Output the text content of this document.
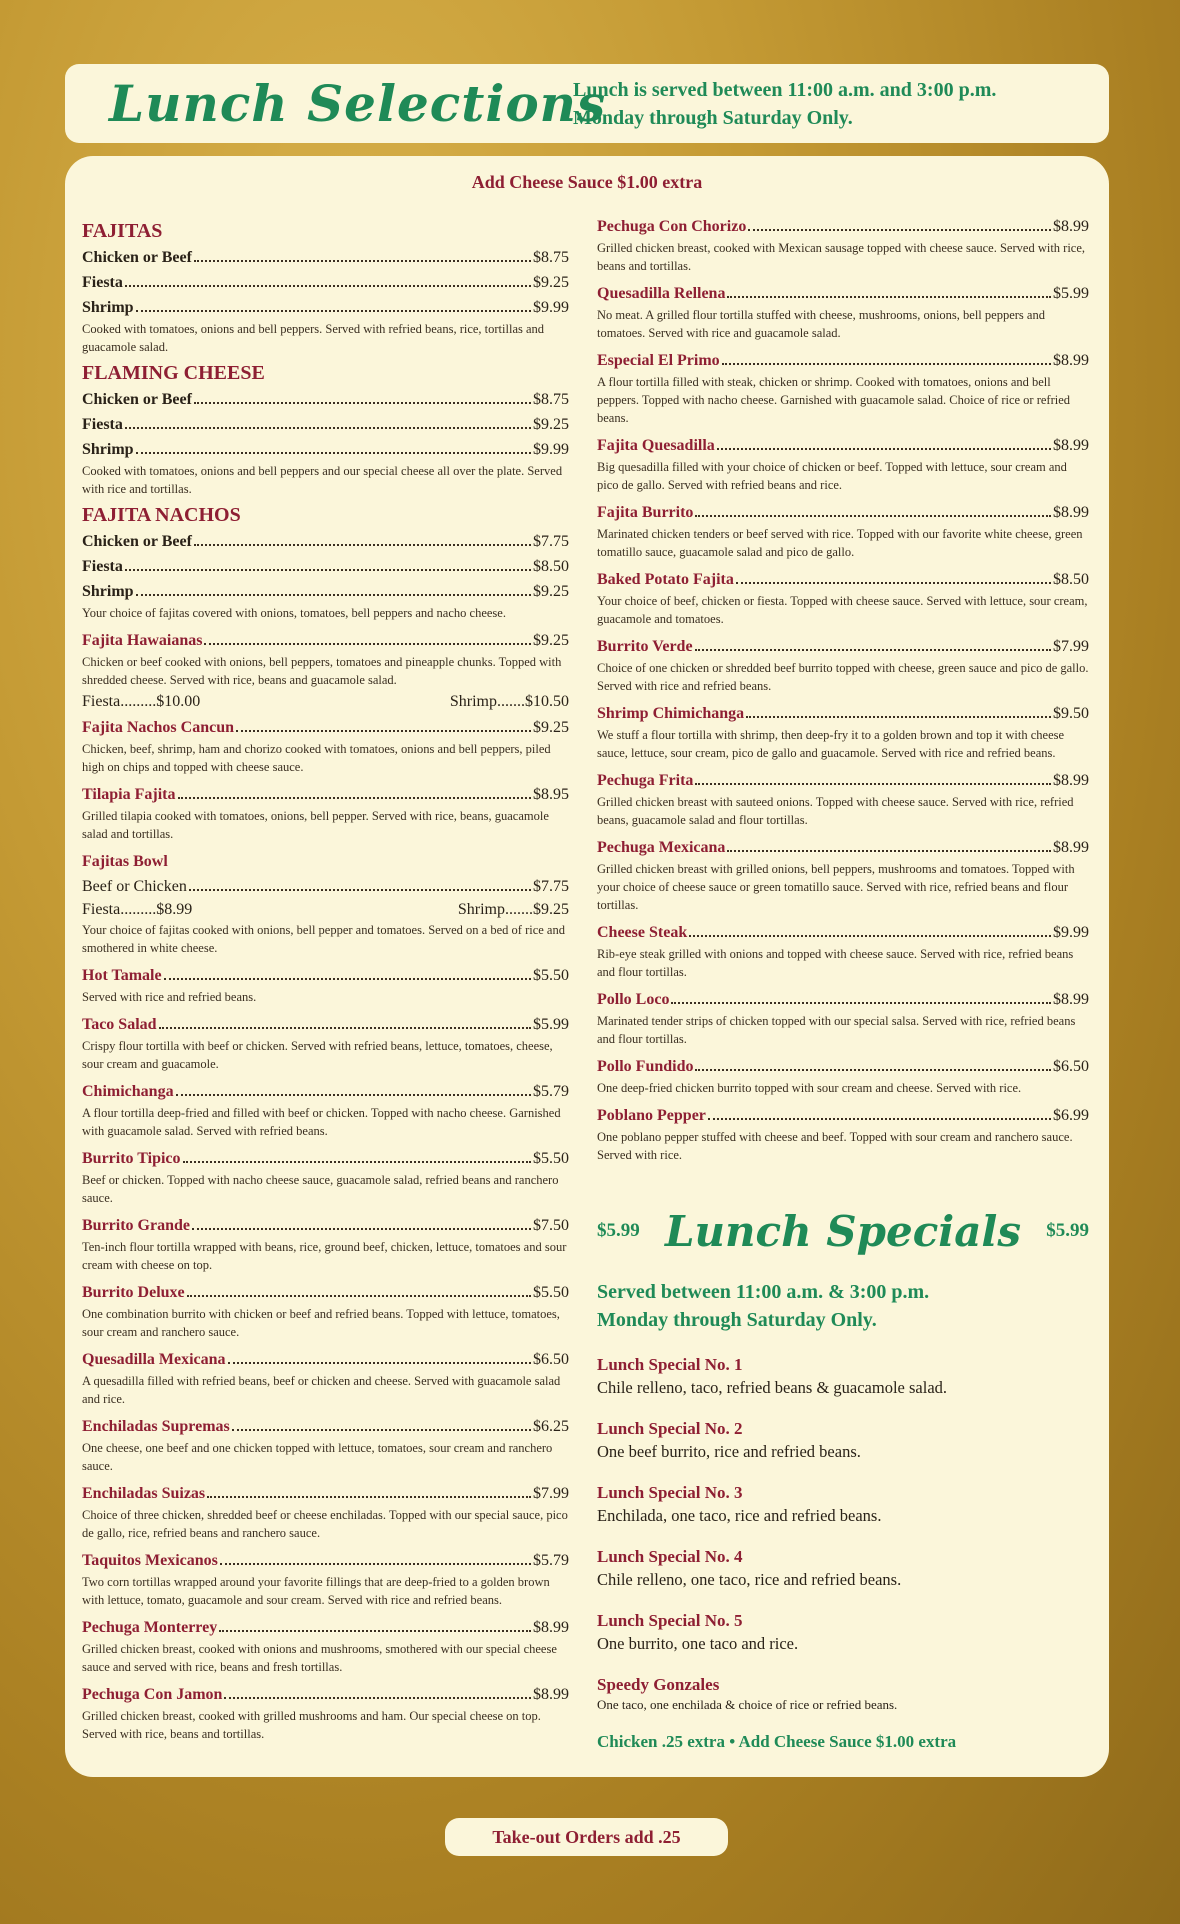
Lunch Selections
Lunch is served between 11:00 a.m. and 3:00 p.m.
Monday through Saturday Only.
Add Cheese Sauce $1.00 extra
FAJITAS
Chicken or Beef	$8.75
Fiesta	$9.25
Shrimp	$9.99
Cooked with tomatoes, onions and bell peppers. Served with refried beans, rice, tortillas and guacamole salad.
FLAMING CHEESE
Chicken or Beef	$8.75
Fiesta	$9.25
Shrimp	$9.99
Cooked with tomatoes, onions and bell peppers and our special cheese all over the plate. Served with rice and tortillas.
FAJITA NACHOS
Chicken or Beef	$7.75
Fiesta	$8.50
Shrimp	$9.25
Your choice of fajitas covered with onions, tomatoes, bell peppers and nacho cheese.
Fajita Hawaianas	$9.25
Chicken or beef cooked with onions, bell peppers, tomatoes and pineapple chunks. Topped with shredded cheese. Served with rice, beans and guacamole salad.
Fiesta.........$10.00	Shrimp.......$10.50
Fajita Nachos Cancun	$9.25
Chicken, beef, shrimp, ham and chorizo cooked with tomatoes, onions and bell peppers, piled high on chips and topped with cheese sauce.
Tilapia Fajita	$8.95
Grilled tilapia cooked with tomatoes, onions, bell pepper. Served with rice, beans, guacamole salad and tortillas.
Fajitas Bowl
Beef or Chicken	$7.75
Fiesta.........$8.99	Shrimp.......$9.25
Your choice of fajitas cooked with onions, bell pepper and tomatoes. Served on a bed of rice and smothered in white cheese.
Hot Tamale	$5.50
Served with rice and refried beans.
Taco Salad	$5.99
Crispy flour tortilla with beef or chicken. Served with refried beans, lettuce, tomatoes, cheese, sour cream and guacamole.
Chimichanga	$5.79
A flour tortilla deep-fried and filled with beef or chicken. Topped with nacho cheese. Garnished with guacamole salad. Served with refried beans.
Burrito Tipico	$5.50
Beef or chicken. Topped with nacho cheese sauce, guacamole salad, refried beans and ranchero sauce.
Burrito Grande	$7.50
Ten-inch flour tortilla wrapped with beans, rice, ground beef, chicken, lettuce, tomatoes and sour cream with cheese on top.
Burrito Deluxe	$5.50
One combination burrito with chicken or beef and refried beans. Topped with lettuce, tomatoes, sour cream and ranchero sauce.
Quesadilla Mexicana	$6.50
A quesadilla filled with refried beans, beef or chicken and cheese. Served with guacamole salad and rice.
Enchiladas Supremas	$6.25
One cheese, one beef and one chicken topped with lettuce, tomatoes, sour cream and ranchero sauce.
Enchiladas Suizas	$7.99
Choice of three chicken, shredded beef or cheese enchiladas. Topped with our special sauce, pico de gallo, rice, refried beans and ranchero sauce.
Taquitos Mexicanos	$5.79
Two corn tortillas wrapped around your favorite fillings that are deep-fried to a golden brown with lettuce, tomato, guacamole and sour cream. Served with rice and refried beans.
Pechuga Monterrey	$8.99
Grilled chicken breast, cooked with onions and mushrooms, smothered with our special cheese sauce and served with rice, beans and fresh tortillas.
Pechuga Con Jamon	$8.99
Grilled chicken breast, cooked with grilled mushrooms and ham. Our special cheese on top. Served with rice, beans and tortillas.
Pechuga Con Chorizo	$8.99
Grilled chicken breast, cooked with Mexican sausage topped with cheese sauce. Served with rice, beans and tortillas.
Quesadilla Rellena	$5.99
No meat. A grilled flour tortilla stuffed with cheese, mushrooms, onions, bell peppers and tomatoes. Served with rice and guacamole salad.
Especial El Primo	$8.99
A flour tortilla filled with steak, chicken or shrimp. Cooked with tomatoes, onions and bell peppers. Topped with nacho cheese. Garnished with guacamole salad. Choice of rice or refried beans.
Fajita Quesadilla	$8.99
Big quesadilla filled with your choice of chicken or beef. Topped with lettuce, sour cream and pico de gallo. Served with refried beans and rice.
Fajita Burrito	$8.99
Marinated chicken tenders or beef served with rice. Topped with our favorite white cheese, green tomatillo sauce, guacamole salad and pico de gallo.
Baked Potato Fajita	$8.50
Your choice of beef, chicken or fiesta. Topped with cheese sauce. Served with lettuce, sour cream, guacamole and tomatoes.
Burrito Verde	$7.99
Choice of one chicken or shredded beef burrito topped with cheese, green sauce and pico de gallo. Served with rice and refried beans.
Shrimp Chimichanga	$9.50
We stuff a flour tortilla with shrimp, then deep-fry it to a golden brown and top it with cheese sauce, lettuce, sour cream, pico de gallo and guacamole. Served with rice and refried beans.
Pechuga Frita	$8.99
Grilled chicken breast with sauteed onions. Topped with cheese sauce. Served with rice, refried beans, guacamole salad and flour tortillas.
Pechuga Mexicana	$8.99
Grilled chicken breast with grilled onions, bell peppers, mushrooms and tomatoes. Topped with your choice of cheese sauce or green tomatillo sauce. Served with rice, refried beans and flour tortillas.
Cheese Steak	$9.99
Rib-eye steak grilled with onions and topped with cheese sauce. Served with rice, refried beans and flour tortillas.
Pollo Loco	$8.99
Marinated tender strips of chicken topped with our special salsa. Served with rice, refried beans and flour tortillas.
Pollo Fundido	$6.50
One deep-fried chicken burrito topped with sour cream and cheese. Served with rice.
Poblano Pepper	$6.99
One poblano pepper stuffed with cheese and beef. Topped with sour cream and ranchero sauce. Served with rice.
$5.99 Lunch Specials $5.99
Served between 11:00 a.m. & 3:00 p.m.
Monday through Saturday Only.
Lunch Special No. 1
Chile relleno, taco, refried beans & guacamole salad.
Lunch Special No. 2
One beef burrito, rice and refried beans.
Lunch Special No. 3
Enchilada, one taco, rice and refried beans.
Lunch Special No. 4
Chile relleno, one taco, rice and refried beans.
Lunch Special No. 5
One burrito, one taco and rice.
Speedy Gonzales
One taco, one enchilada & choice of rice or refried beans.
Chicken .25 extra • Add Cheese Sauce $1.00 extra
Take-out Orders add .25
